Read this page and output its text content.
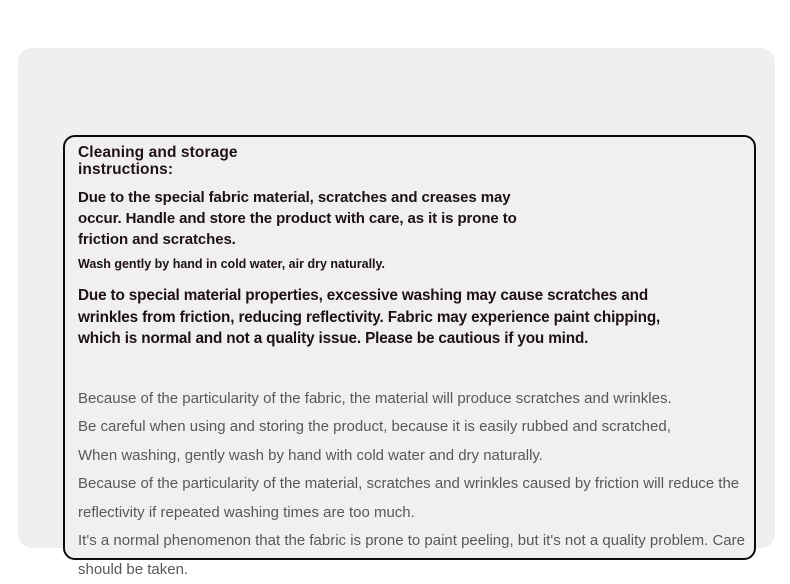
Cleaning and storage
instructions:
Due to the special fabric material, scratches and creases may
occur. Handle and store the product with care, as it is prone to
friction and scratches.
Wash gently by hand in cold water, air dry naturally.
Due to special material properties, excessive washing may cause scratches and
wrinkles from friction, reducing reflectivity. Fabric may experience paint chipping,
which is normal and not a quality issue. Please be cautious if you mind.
Because of the particularity of the fabric, the material will produce scratches and wrinkles.
Be careful when using and storing the product, because it is easily rubbed and scratched,
When washing, gently wash by hand with cold water and dry naturally.
Because of the particularity of the material, scratches and wrinkles caused by friction will reduce the
reflectivity if repeated washing times are too much.
It's a normal phenomenon that the fabric is prone to paint peeling, but it's not a quality problem. Care
should be taken.
